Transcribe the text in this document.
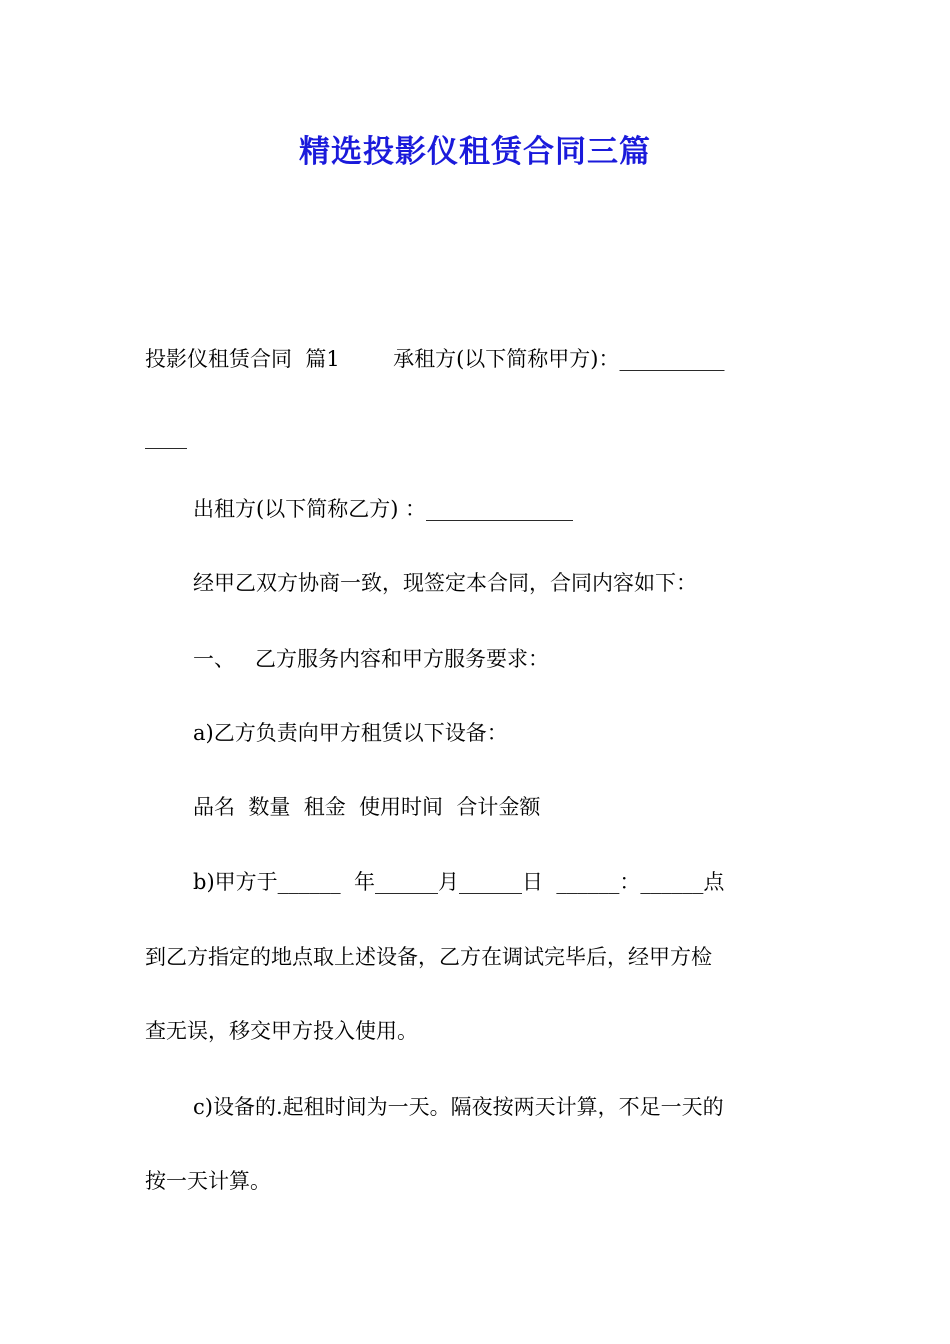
精选投影仪租赁合同三篇
投影仪租赁合同  篇1        承租方(以下简称甲方)：__________
____
出租方(以下简称乙方) ：______________
经甲乙双方协商一致，现签定本合同，合同内容如下：
一、   乙方服务内容和甲方服务要求：
a)乙方负责向甲方租赁以下设备：
品名  数量  租金  使用时间  合计金额
b)甲方于______  年______月______日  ______：______点
到乙方指定的地点取上述设备，乙方在调试完毕后，经甲方检
查无误，移交甲方投入使用。
c)设备的.起租时间为一天。隔夜按两天计算，不足一天的
按一天计算。
